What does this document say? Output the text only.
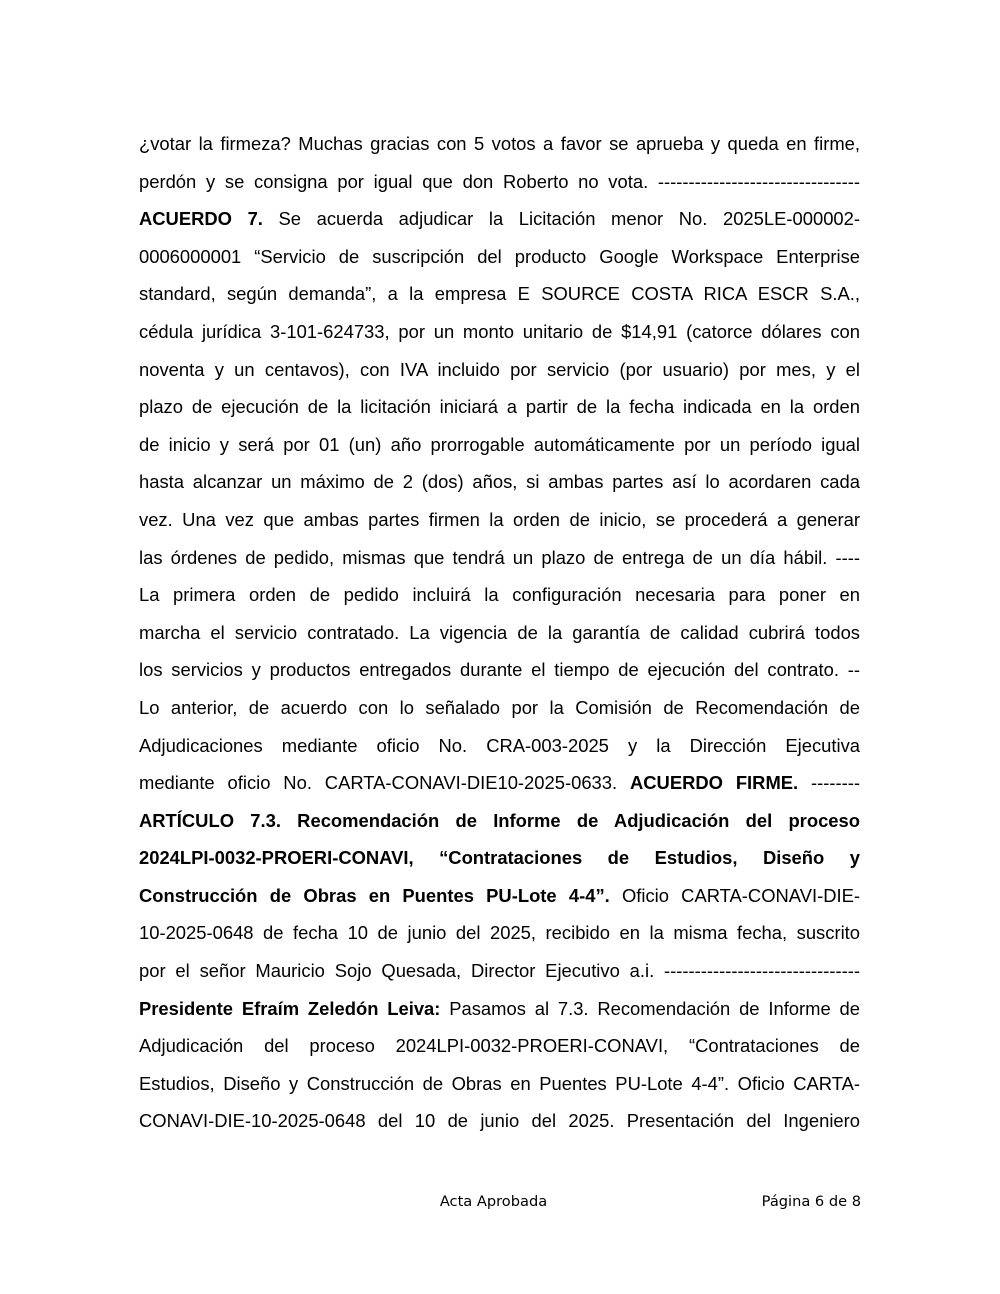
¿votar la firmeza? Muchas gracias con 5 votos a favor se aprueba y queda en firme,
perdón y se consigna por igual que don Roberto no vota. ---------------------------------
ACUERDO 7. Se acuerda adjudicar la Licitación menor No. 2025LE-000002-
0006000001 “Servicio de suscripción del producto Google Workspace Enterprise
standard, según demanda”, a la empresa E SOURCE COSTA RICA ESCR S.A.,
cédula jurídica 3-101-624733, por un monto unitario de $14,91 (catorce dólares con
noventa y un centavos), con IVA incluido por servicio (por usuario) por mes, y el
plazo de ejecución de la licitación iniciará a partir de la fecha indicada en la orden
de inicio y será por 01 (un) año prorrogable automáticamente por un período igual
hasta alcanzar un máximo de 2 (dos) años, si ambas partes así lo acordaren cada
vez. Una vez que ambas partes firmen la orden de inicio, se procederá a generar
las órdenes de pedido, mismas que tendrá un plazo de entrega de un día hábil. ----
La primera orden de pedido incluirá la configuración necesaria para poner en
marcha el servicio contratado. La vigencia de la garantía de calidad cubrirá todos
los servicios y productos entregados durante el tiempo de ejecución del contrato. --
Lo anterior, de acuerdo con lo señalado por la Comisión de Recomendación de
Adjudicaciones mediante oficio No. CRA-003-2025 y la Dirección Ejecutiva
mediante oficio No. CARTA-CONAVI-DIE10-2025-0633. ACUERDO FIRME. --------
ARTÍCULO 7.3. Recomendación de Informe de Adjudicación del proceso
2024LPI-0032-PROERI-CONAVI, “Contrataciones de Estudios, Diseño y
Construcción de Obras en Puentes PU-Lote 4-4”. Oficio CARTA-CONAVI-DIE-
10-2025-0648 de fecha 10 de junio del 2025, recibido en la misma fecha, suscrito
por el señor Mauricio Sojo Quesada, Director Ejecutivo a.i. --------------------------------
Presidente Efraím Zeledón Leiva: Pasamos al 7.3. Recomendación de Informe de
Adjudicación del proceso 2024LPI-0032-PROERI-CONAVI, “Contrataciones de
Estudios, Diseño y Construcción de Obras en Puentes PU-Lote 4-4”. Oficio CARTA-
CONAVI-DIE-10-2025-0648 del 10 de junio del 2025. Presentación del Ingeniero
Acta Aprobada	Página 6 de 8
